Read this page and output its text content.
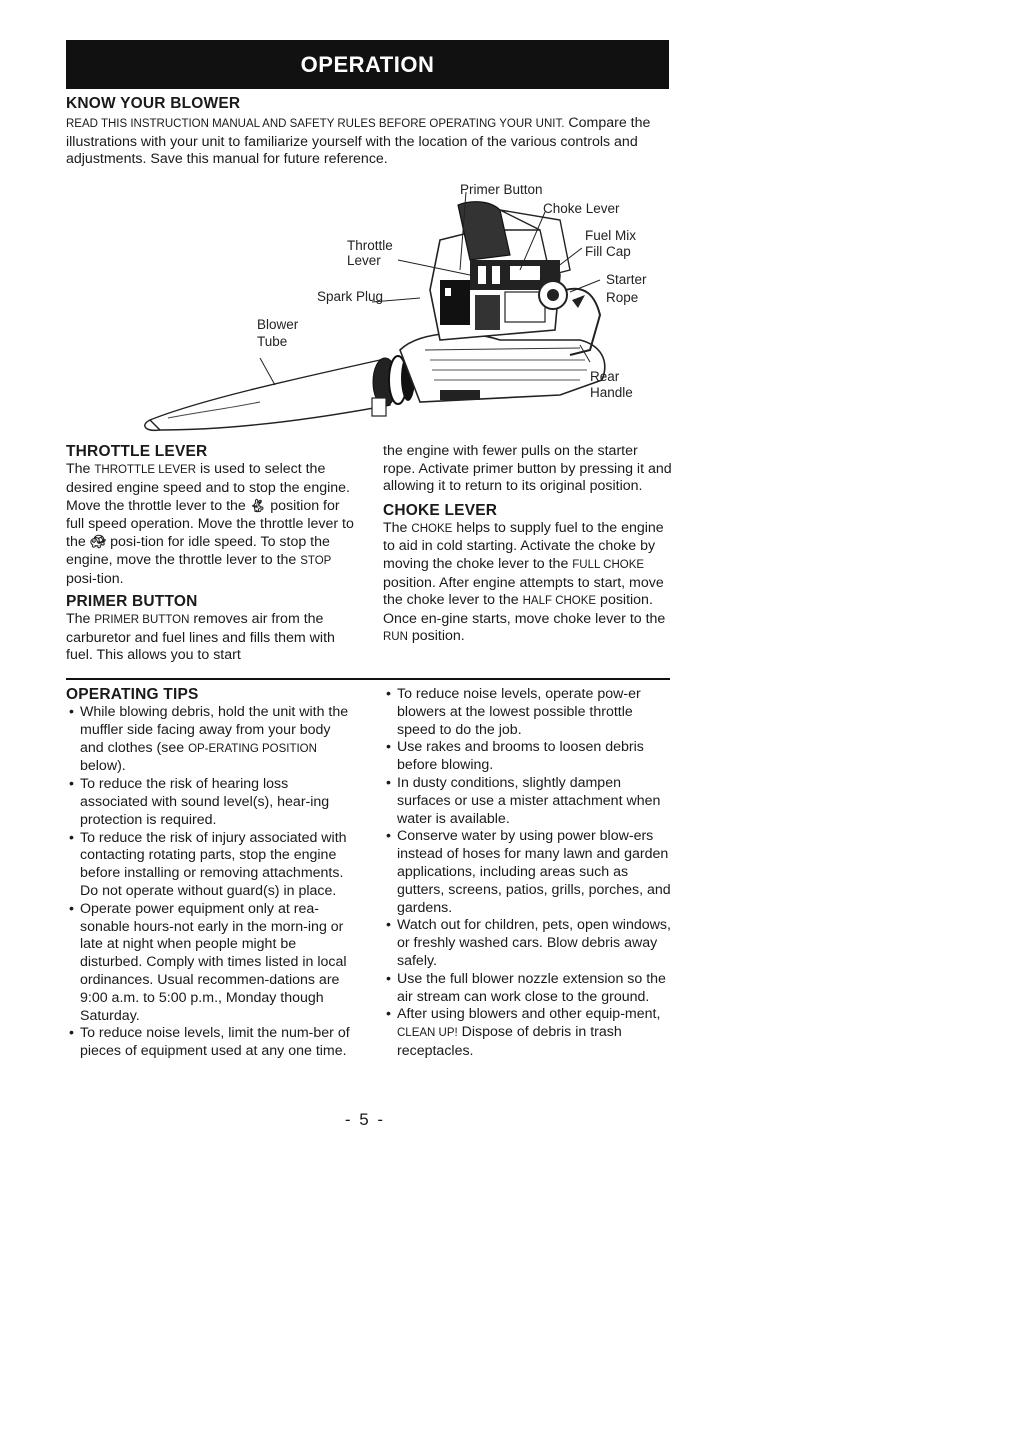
OPERATION

KNOW YOUR BLOWER

READ THIS INSTRUCTION MANUAL AND SAFETY RULES BEFORE OPERATING YOUR UNIT. Compare the illustrations with your unit to familiarize yourself with the location of the various controls and adjustments. Save this manual for future reference.

Primer Button
Choke Lever
Fuel Mix
Fill Cap
Throttle
Lever
Starter
Rope
Spark Plug
Blower
Tube
Rear
Handle

THROTTLE LEVER

The THROTTLE LEVER is used to select the desired engine speed and to stop the engine. Move the throttle lever to the 🐇︎ position for full speed operation. Move the throttle lever to the 🐢︎ posi-tion for idle speed. To stop the engine, move the throttle lever to the STOP posi-tion.

PRIMER BUTTON

The PRIMER BUTTON removes air from the carburetor and fuel lines and fills them with fuel. This allows you to start

the engine with fewer pulls on the starter rope. Activate primer button by pressing it and allowing it to return to its original position.

CHOKE LEVER

The CHOKE helps to supply fuel to the engine to aid in cold starting. Activate the choke by moving the choke lever to the FULL CHOKE position. After engine attempts to start, move the choke lever to the HALF CHOKE position. Once en-gine starts, move choke lever to the RUN position.

OPERATING TIPS

• While blowing debris, hold the unit with the muffler side facing away from your body and clothes (see OP-ERATING POSITION below).
• To reduce the risk of hearing loss associated with sound level(s), hear-ing protection is required.
• To reduce the risk of injury associated with contacting rotating parts, stop the engine before installing or removing attachments. Do not operate without guard(s) in place.
• Operate power equipment only at rea-sonable hours-not early in the morn-ing or late at night when people might be disturbed. Comply with times listed in local ordinances. Usual recommen-dations are 9:00 a.m. to 5:00 p.m., Monday though Saturday.
• To reduce noise levels, limit the num-ber of pieces of equipment used at any one time.
• To reduce noise levels, operate pow-er blowers at the lowest possible throttle speed to do the job.
• Use rakes and brooms to loosen debris before blowing.
• In dusty conditions, slightly dampen surfaces or use a mister attachment when water is available.
• Conserve water by using power blow-ers instead of hoses for many lawn and garden applications, including areas such as gutters, screens, patios, grills, porches, and gardens.
• Watch out for children, pets, open windows, or freshly washed cars. Blow debris away safely.
• Use the full blower nozzle extension so the air stream can work close to the ground.
• After using blowers and other equip-ment, CLEAN UP! Dispose of debris in trash receptacles.
- 5 -
